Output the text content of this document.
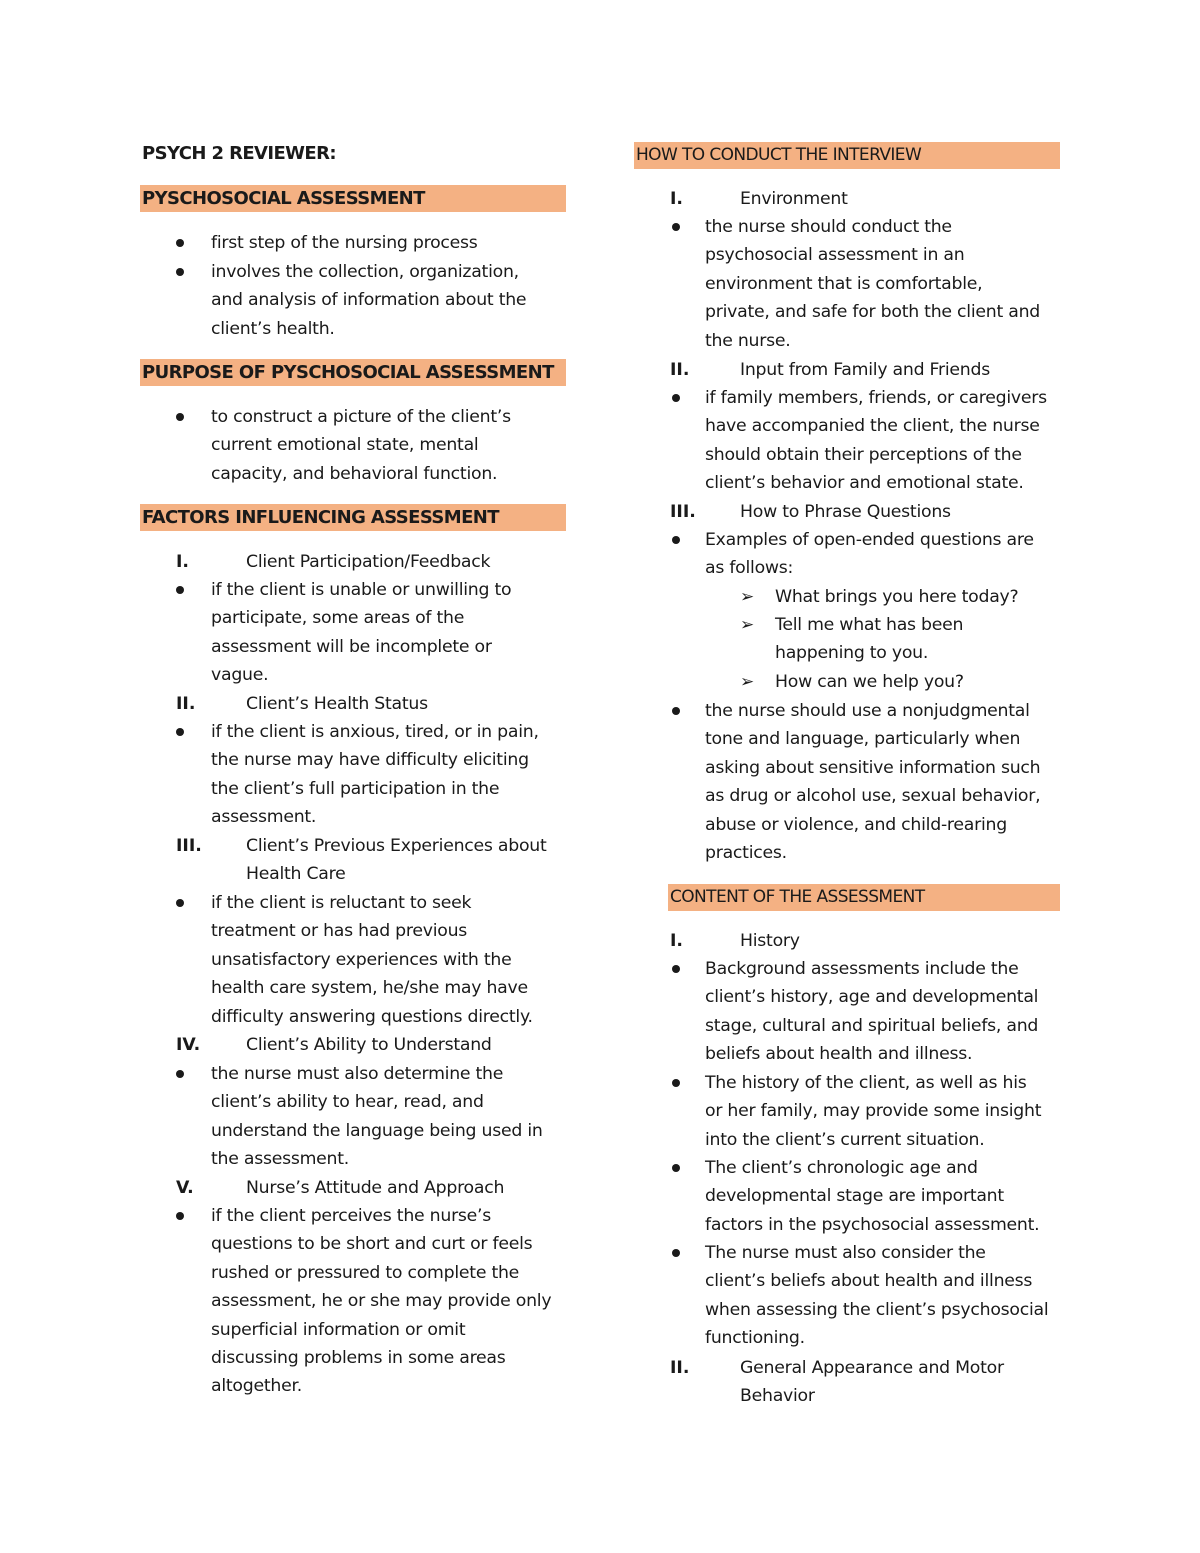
PSYCH 2 REVIEWER:
PYSCHOSOCIAL ASSESSMENT
first step of the nursing process
involves the collection, organization,
and analysis of information about the
client’s health.
PURPOSE OF PYSCHOSOCIAL ASSESSMENT
to construct a picture of the client’s
current emotional state, mental
capacity, and behavioral function.
FACTORS INFLUENCING ASSESSMENT
I.	Client Participation/Feedback
if the client is unable or unwilling to
participate, some areas of the
assessment will be incomplete or
vague.
II.	Client’s Health Status
if the client is anxious, tired, or in pain,
the nurse may have difficulty eliciting
the client’s full participation in the
assessment.
III.	Client’s Previous Experiences about
Health Care
if the client is reluctant to seek
treatment or has had previous
unsatisfactory experiences with the
health care system, he/she may have
difficulty answering questions directly.
IV.	Client’s Ability to Understand
the nurse must also determine the
client’s ability to hear, read, and
understand the language being used in
the assessment.
V.	Nurse’s Attitude and Approach
if the client perceives the nurse’s
questions to be short and curt or feels
rushed or pressured to complete the
assessment, he or she may provide only
superficial information or omit
discussing problems in some areas
altogether.
HOW TO CONDUCT THE INTERVIEW
I.	Environment
the nurse should conduct the
psychosocial assessment in an
environment that is comfortable,
private, and safe for both the client and
the nurse.
II.	Input from Family and Friends
if family members, friends, or caregivers
have accompanied the client, the nurse
should obtain their perceptions of the
client’s behavior and emotional state.
III.	How to Phrase Questions
Examples of open-ended questions are
as follows:
➢ What brings you here today?
➢ Tell me what has been
happening to you.
➢ How can we help you?
the nurse should use a nonjudgmental
tone and language, particularly when
asking about sensitive information such
as drug or alcohol use, sexual behavior,
abuse or violence, and child-rearing
practices.
CONTENT OF THE ASSESSMENT
I.	History
Background assessments include the
client’s history, age and developmental
stage, cultural and spiritual beliefs, and
beliefs about health and illness.
The history of the client, as well as his
or her family, may provide some insight
into the client’s current situation.
The client’s chronologic age and
developmental stage are important
factors in the psychosocial assessment.
The nurse must also consider the
client’s beliefs about health and illness
when assessing the client’s psychosocial
functioning.
II.	General Appearance and Motor
Behavior
